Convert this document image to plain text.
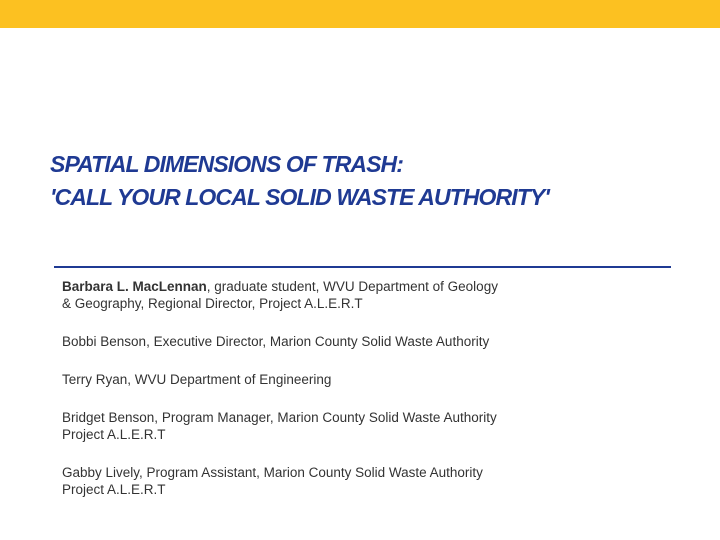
SPATIAL DIMENSIONS OF TRASH:
'CALL YOUR LOCAL SOLID WASTE AUTHORITY'
Barbara L. MacLennan, graduate student, WVU Department of Geology
& Geography, Regional Director, Project A.L.E.R.T
Bobbi Benson, Executive Director, Marion County Solid Waste Authority
Terry Ryan, WVU Department of Engineering
Bridget Benson, Program Manager, Marion County Solid Waste Authority
Project A.L.E.R.T
Gabby Lively, Program Assistant, Marion County Solid Waste Authority
Project A.L.E.R.T
